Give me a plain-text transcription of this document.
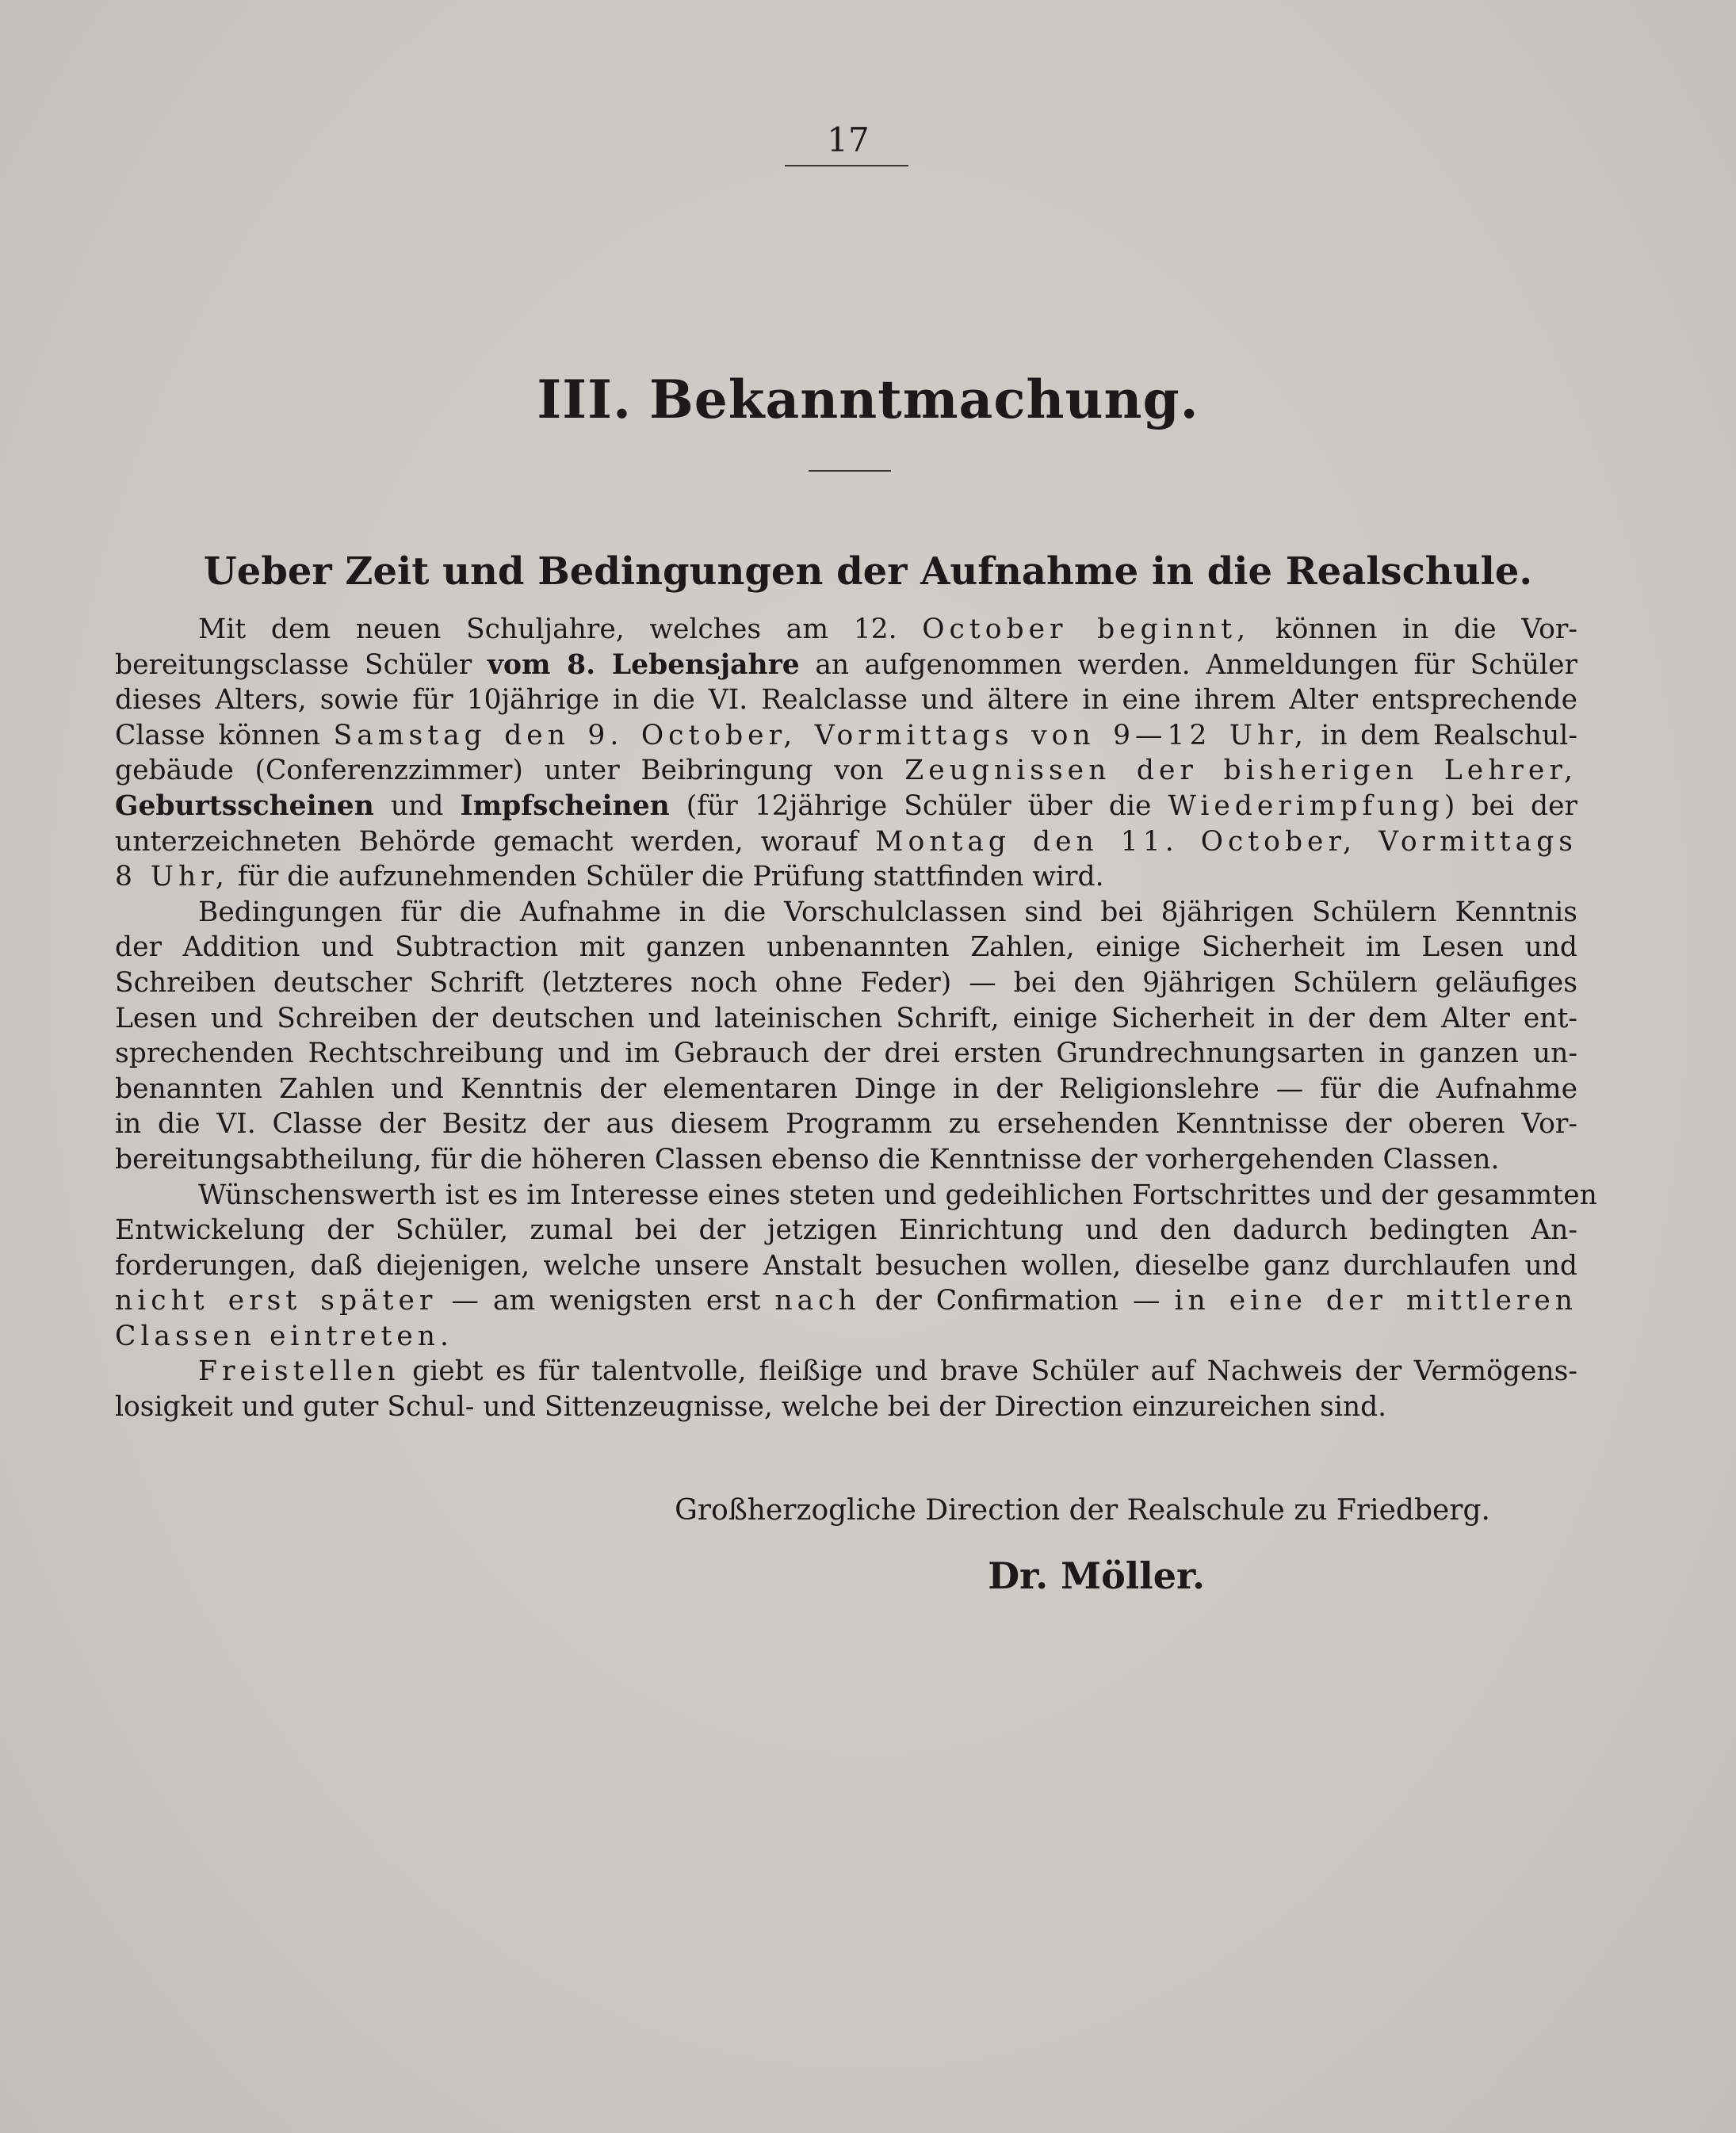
17
III. Bekanntmachung.
Ueber Zeit und Bedingungen der Aufnahme in die Realschule.
Mit dem neuen Schuljahre, welches am 12. October beginnt, können in die Vor-
bereitungsclasse Schüler vom 8. Lebensjahre an aufgenommen werden. Anmeldungen für Schüler
dieses Alters, sowie für 10jährige in die VI. Realclasse und ältere in eine ihrem Alter entsprechende
Classe können Samstag den 9. October, Vormittags von 9—12 Uhr, in dem Realschul-
gebäude (Conferenzzimmer) unter Beibringung von Zeugnissen der bisherigen Lehrer,
Geburtsscheinen und Impfscheinen (für 12jährige Schüler über die Wiederimpfung) bei der
unterzeichneten Behörde gemacht werden, worauf Montag den 11. October, Vormittags
8 Uhr, für die aufzunehmenden Schüler die Prüfung stattfinden wird.
Bedingungen für die Aufnahme in die Vorschulclassen sind bei 8jährigen Schülern Kenntnis
der Addition und Subtraction mit ganzen unbenannten Zahlen, einige Sicherheit im Lesen und
Schreiben deutscher Schrift (letzteres noch ohne Feder) — bei den 9jährigen Schülern geläufiges
Lesen und Schreiben der deutschen und lateinischen Schrift, einige Sicherheit in der dem Alter ent-
sprechenden Rechtschreibung und im Gebrauch der drei ersten Grundrechnungsarten in ganzen un-
benannten Zahlen und Kenntnis der elementaren Dinge in der Religionslehre — für die Aufnahme
in die VI. Classe der Besitz der aus diesem Programm zu ersehenden Kenntnisse der oberen Vor-
bereitungsabtheilung, für die höheren Classen ebenso die Kenntnisse der vorhergehenden Classen.
Wünschenswerth ist es im Interesse eines steten und gedeihlichen Fortschrittes und der gesammten
Entwickelung der Schüler, zumal bei der jetzigen Einrichtung und den dadurch bedingten An-
forderungen, daß diejenigen, welche unsere Anstalt besuchen wollen, dieselbe ganz durchlaufen und
nicht erst später — am wenigsten erst nach der Confirmation — in eine der mittleren
Classen eintreten.
Freistellen giebt es für talentvolle, fleißige und brave Schüler auf Nachweis der Vermögens-
losigkeit und guter Schul- und Sittenzeugnisse, welche bei der Direction einzureichen sind.
Großherzogliche Direction der Realschule zu Friedberg.
Dr. Möller.
